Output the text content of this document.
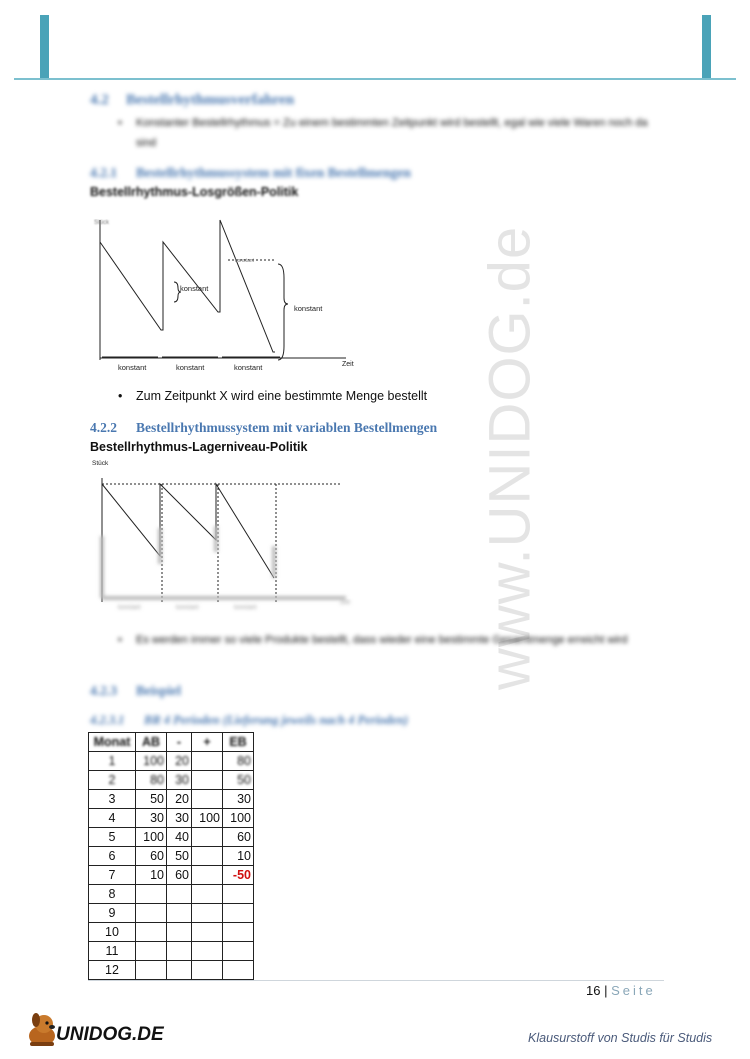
www.UNIDOG.de
4.2 Bestellrhythmusverfahren
• Konstanter Bestellrhythmus = Zu einem bestimmten Zeitpunkt wird bestellt, egal wie viele Waren noch da sind
4.2.1 Bestellrhythmussystem mit fixen Bestellmengen
Bestellrhythmus-Losgrößen-Politik
Stück
Zeit
konstant
konstant
konstant
konstant	konstant	konstant
• Zum Zeitpunkt X wird eine bestimmte Menge bestellt
4.2.2 Bestellrhythmussystem mit variablen Bestellmengen
Bestellrhythmus-Lagerniveau-Politik
Stück
konstant	konstant	konstant
Zeit
• Es werden immer so viele Produkte bestellt, dass wieder eine bestimmte Gesamtmenge erreicht wird
4.2.3 Beispiel
4.2.3.1 BR 4 Perioden (Lieferung jeweils nach 4 Perioden)
Monat	AB	-	+	EB
1	100	20		80
2	80	30		50
3	50	20		30
4	30	30	100	100
5	100	40		60
6	60	50		10
7	10	60		-50
8				
9				
10				
11				
12				
16 | Seite
UNIDOG.DE	Klausurstoff von Studis für Studis
